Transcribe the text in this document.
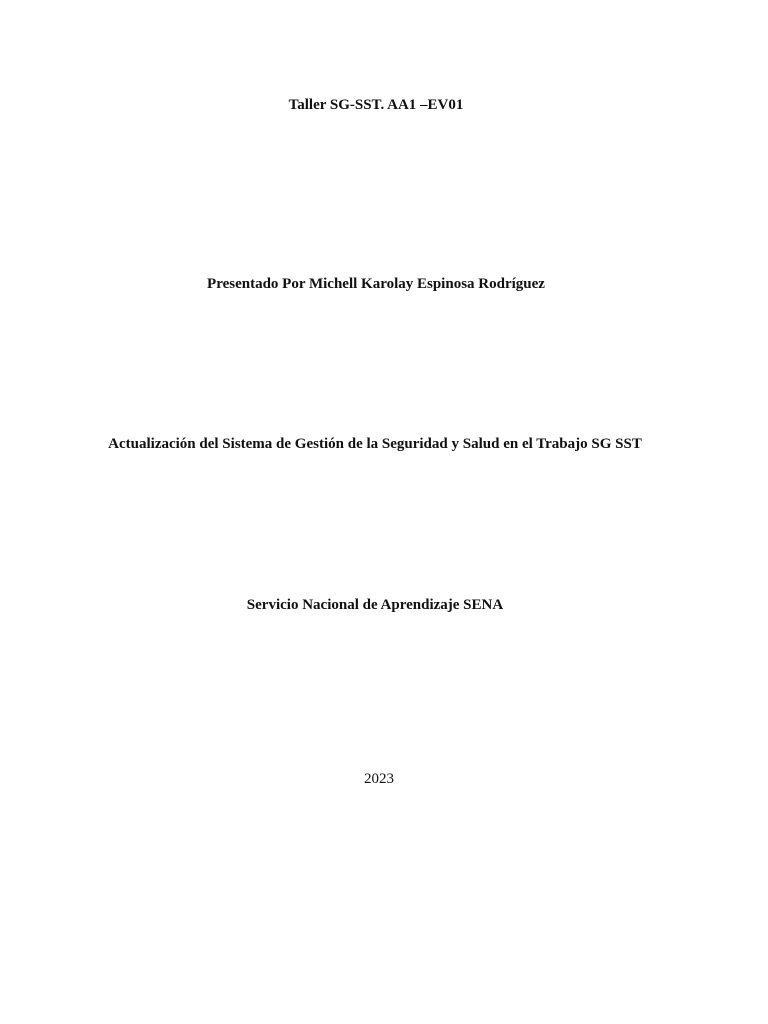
Taller SG-SST. AA1 –EV01
Presentado Por Michell Karolay Espinosa Rodríguez
Actualización del Sistema de Gestión de la Seguridad y Salud en el Trabajo SG SST
Servicio Nacional de Aprendizaje SENA
2023
